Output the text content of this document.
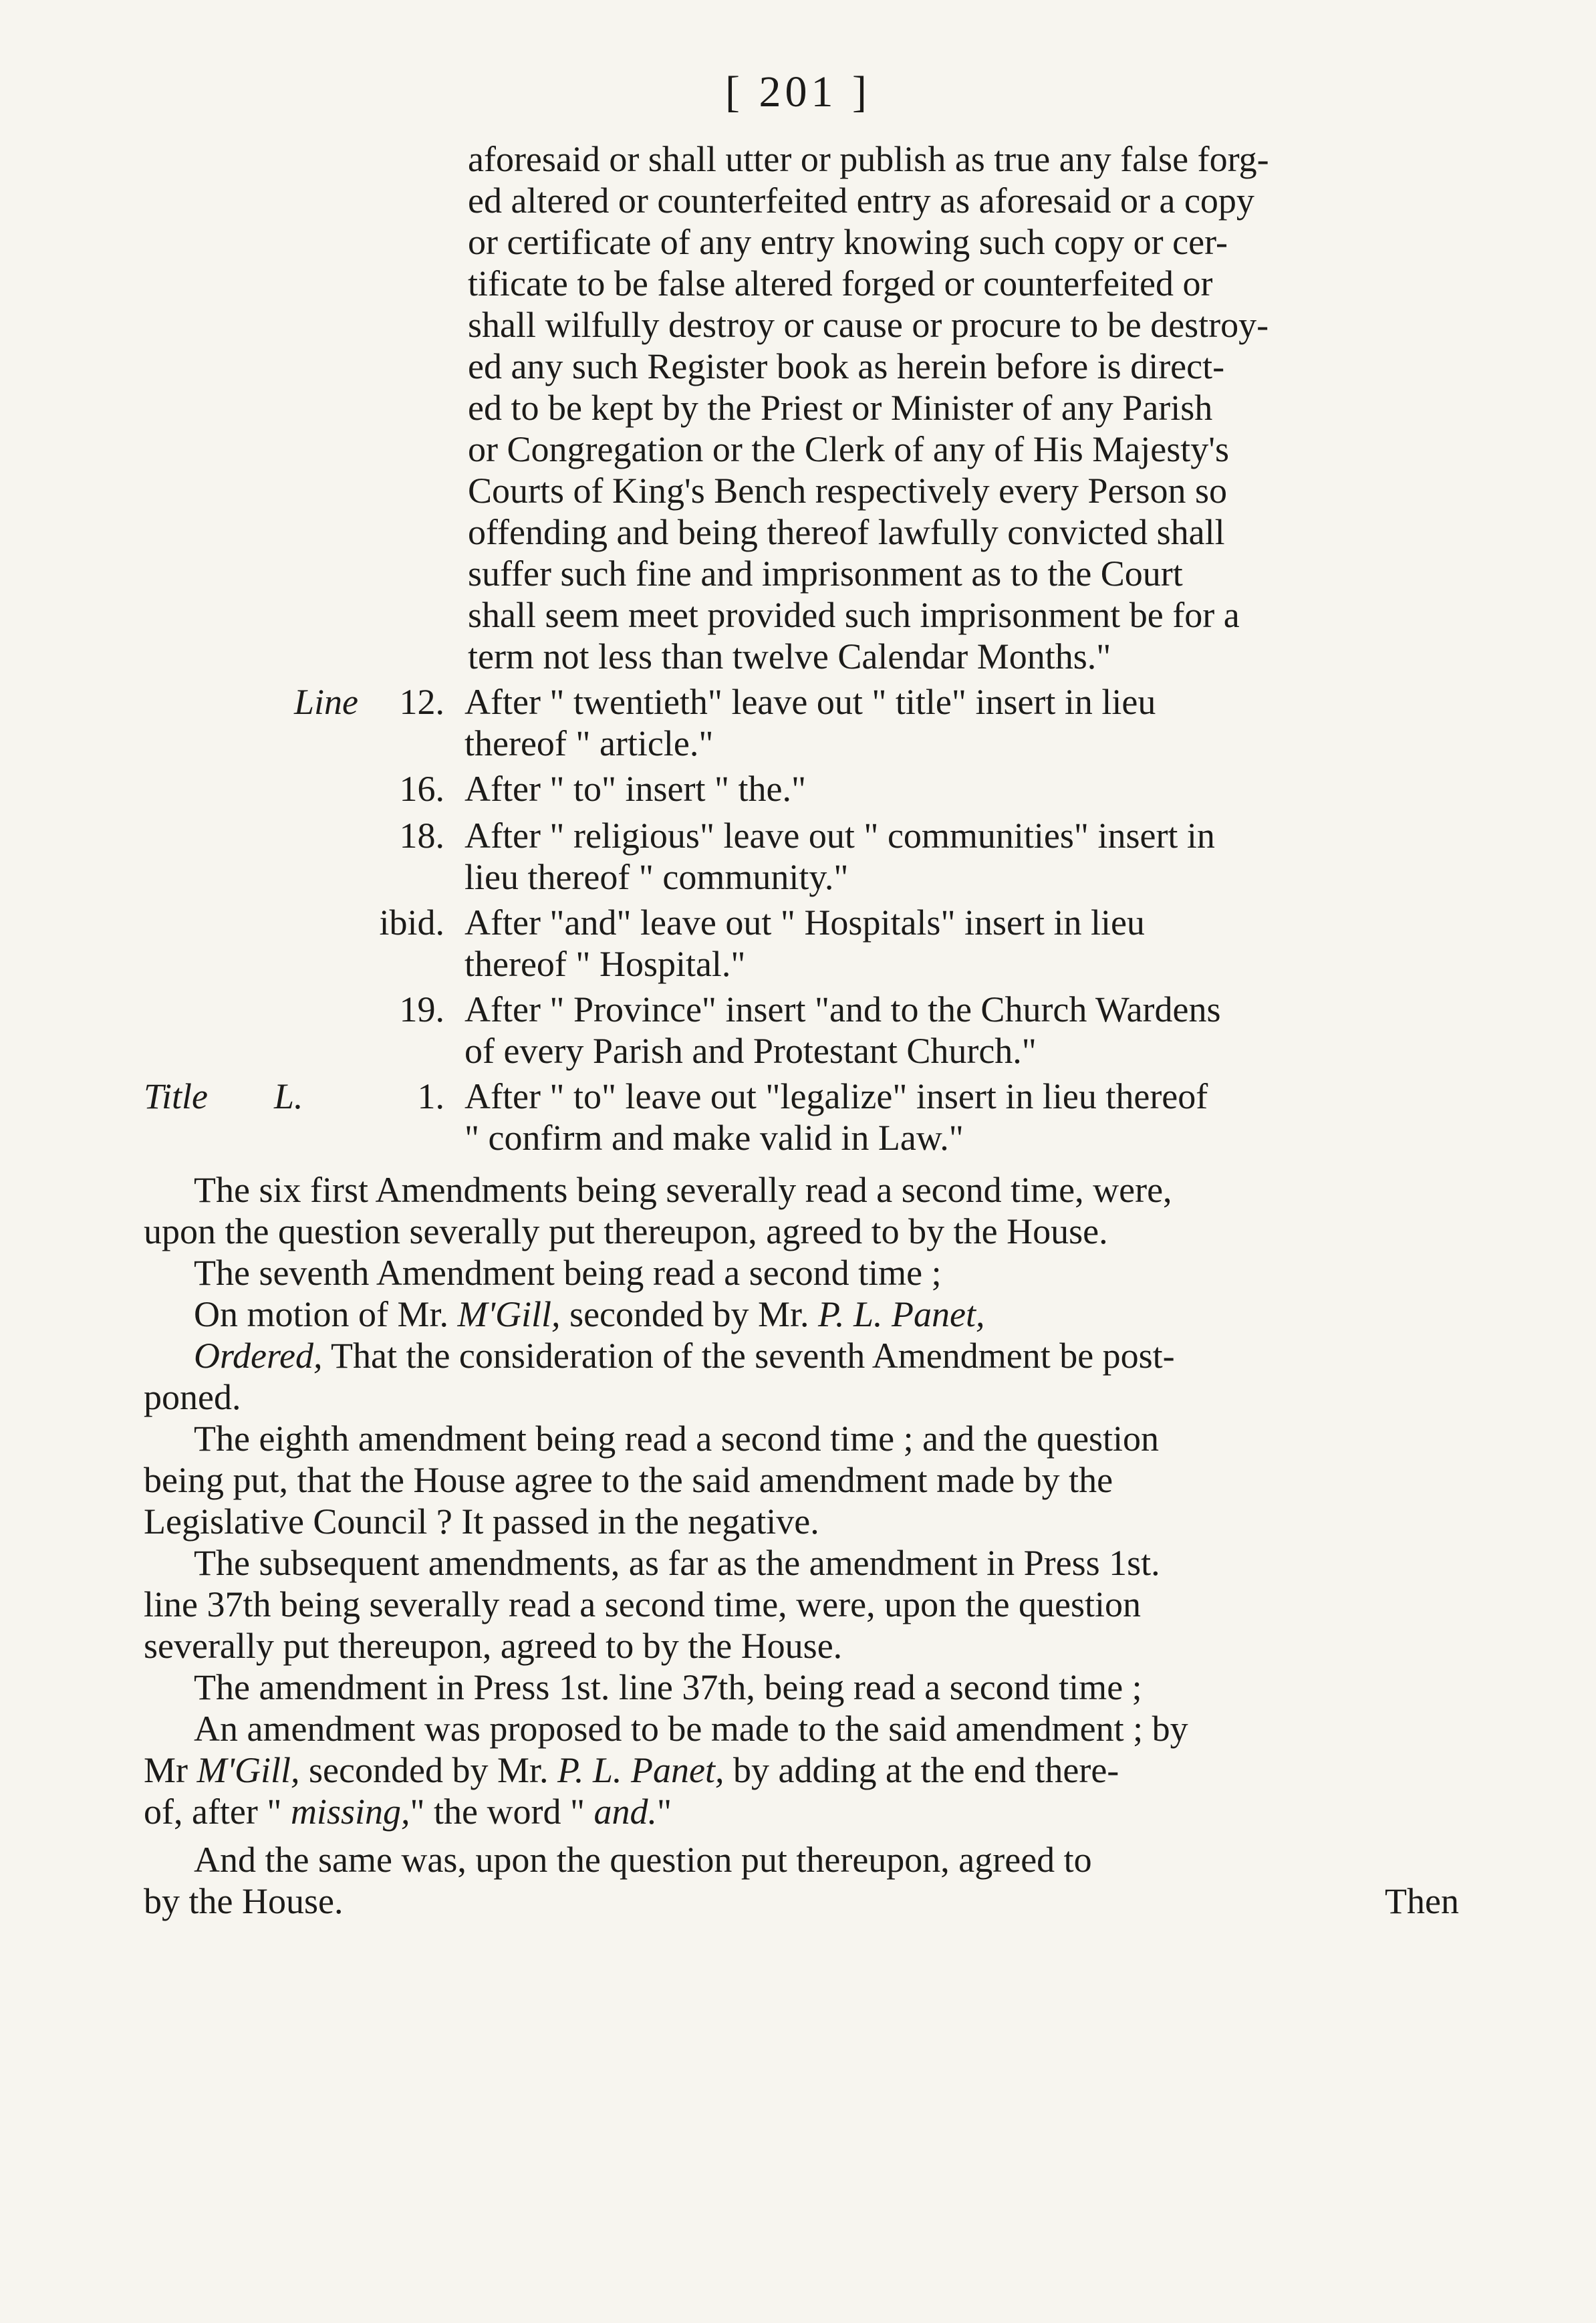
[ 201 ]
aforesaid or shall utter or publish as true any false forg-
ed altered or counterfeited entry as aforesaid or a copy
or certificate of any entry knowing such copy or cer-
tificate to be false altered forged or counterfeited or
shall wilfully destroy or cause or procure to be destroy-
ed any such Register book as herein before is direct-
ed to be kept by the Priest or Minister of any Parish
or Congregation or the Clerk of any of His Majesty's
Courts of King's Bench respectively every Person so
offending and being thereof lawfully convicted shall
suffer such fine and imprisonment as to the Court
shall seem meet provided such imprisonment be for a
term not less than twelve Calendar Months."
Line	12. After " twentieth" leave out " title" insert in lieu
thereof " article."
16. After " to" insert " the."
18. After " religious" leave out " communities" insert in
lieu thereof " community."
ibid. After "and" leave out " Hospitals" insert in lieu
thereof " Hospital."
19. After " Province" insert "and to the Church Wardens
of every Parish and Protestant Church."
Title L.	1. After " to" leave out "legalize" insert in lieu thereof
" confirm and make valid in Law."
The six first Amendments being severally read a second time, were,
upon the question severally put thereupon, agreed to by the House.
The seventh Amendment being read a second time ;
On motion of Mr. M'Gill, seconded by Mr. P. L. Panet,
Ordered, That the consideration of the seventh Amendment be post-
poned.
The eighth amendment being read a second time ; and the question
being put, that the House agree to the said amendment made by the
Legislative Council ? It passed in the negative.
The subsequent amendments, as far as the amendment in Press 1st.
line 37th being severally read a second time, were, upon the question
severally put thereupon, agreed to by the House.
The amendment in Press 1st. line 37th, being read a second time ;
An amendment was proposed to be made to the said amendment ; by
Mr M'Gill, seconded by Mr. P. L. Panet, by adding at the end there-
of, after " missing," the word " and."
And the same was, upon the question put thereupon, agreed to
by the House.	Then
